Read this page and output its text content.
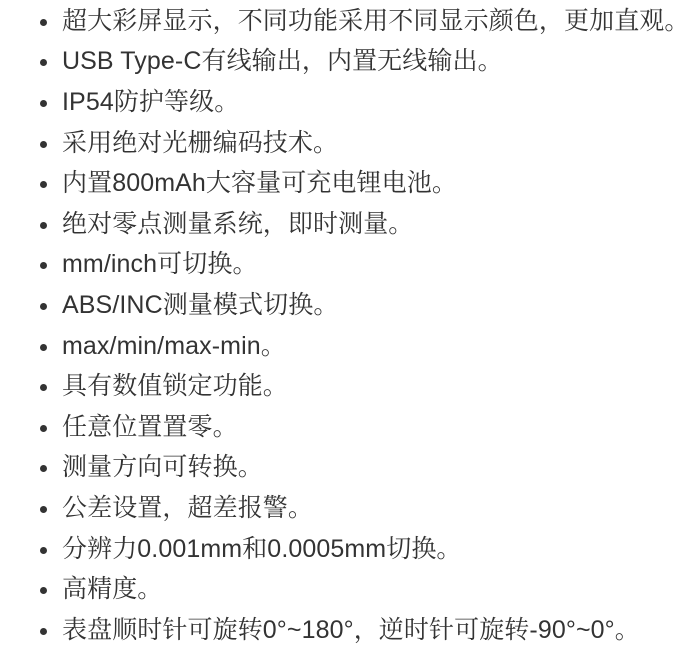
超大彩屏显示，不同功能采用不同显示颜色，更加直观。
USB Type-C有线输出，内置无线输出。
IP54防护等级。
采用绝对光栅编码技术。
内置800mAh大容量可充电锂电池。
绝对零点测量系统，即时测量。
mm/inch可切换。
ABS/INC测量模式切换。
max/min/max-min。
具有数值锁定功能。
任意位置置零。
测量方向可转换。
公差设置，超差报警。
分辨力0.001mm和0.0005mm切换。
高精度。
表盘顺时针可旋转0°~180°，逆时针可旋转-90°~0°。
